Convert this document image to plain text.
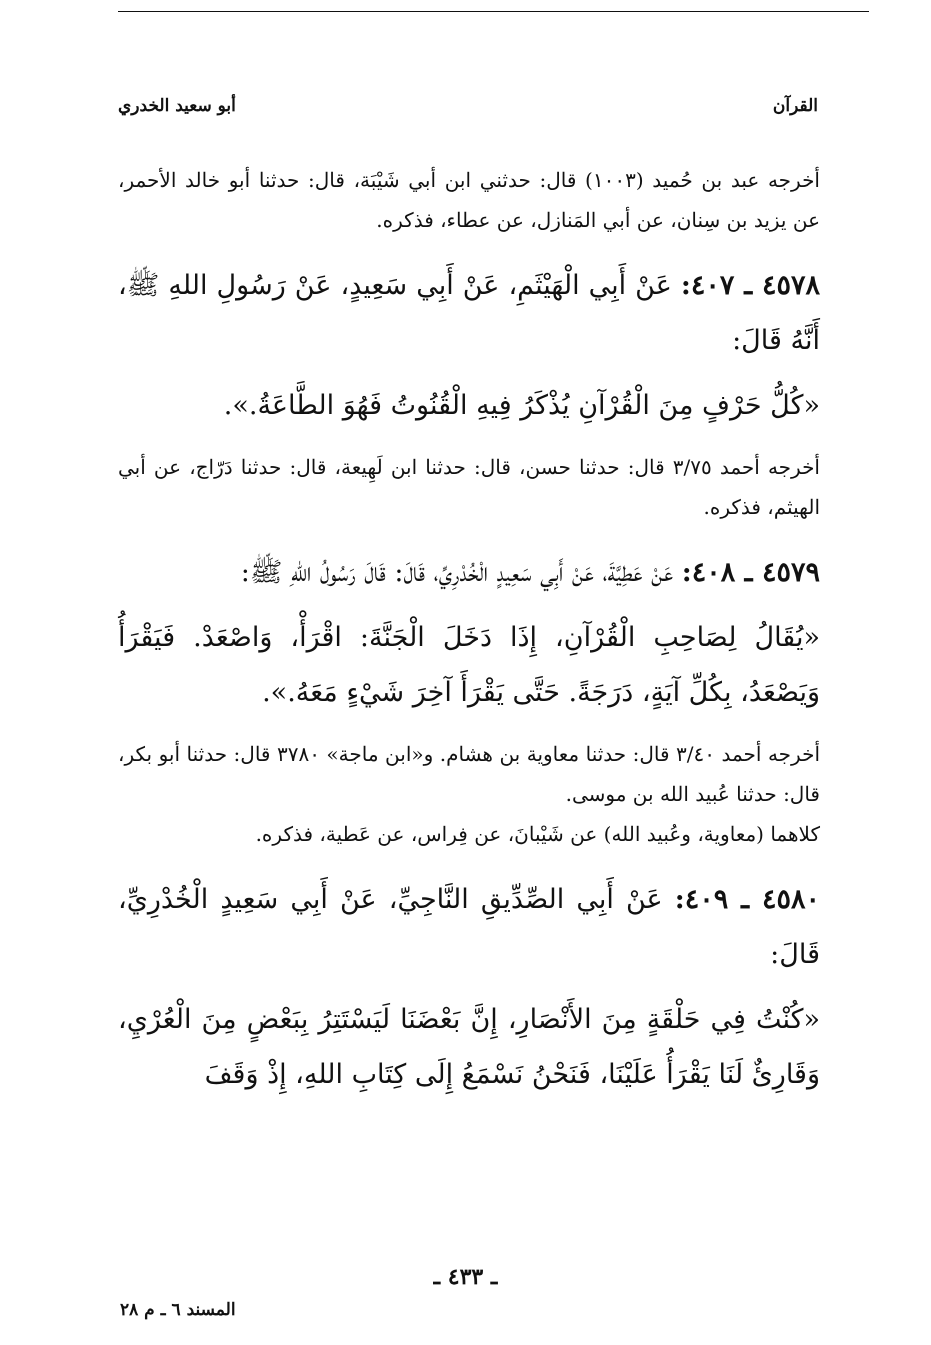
القرآن
أبو سعيد الخدري

أخرجه عبد بن حُميد (١٠٠٣) قال: حدثني ابن أبي شَيْبَة، قال: حدثنا أبو خالد الأحمر، عن يزيد بن سِنان، عن أبي المَنازل، عن عطاء، فذكره.

٤٥٧٨ ـ ٤٠٧: عَنْ أَبِي الْهَيْثَمِ، عَنْ أَبِي سَعِيدٍ، عَنْ رَسُولِ اللهِ ﷺ، أَنَّهُ قَالَ:

«كُلُّ حَرْفٍ مِنَ الْقُرْآنِ يُذْكَرُ فِيهِ الْقُنُوتُ فَهُوَ الطَّاعَةُ.».

أخرجه أحمد ٣/٧٥ قال: حدثنا حسن، قال: حدثنا ابن لَهِيعة، قال: حدثنا دَرّاج، عن أبي الهيثم، فذكره.

٤٥٧٩ ـ ٤٠٨: عَنْ عَطِيَّةَ، عَنْ أَبِي سَعِيدٍ الْخُدْرِيِّ، قَالَ: قَالَ رَسُولُ اللهِ ﷺ:

«يُقَالُ لِصَاحِبِ الْقُرْآنِ، إِذَا دَخَلَ الْجَنَّةَ: اقْرَأْ، وَاصْعَدْ. فَيَقْرَأُ وَيَصْعَدُ، بِكُلِّ آيَةٍ، دَرَجَةً. حَتَّى يَقْرَأَ آخِرَ شَيْءٍ مَعَهُ.».

أخرجه أحمد ٣/٤٠ قال: حدثنا معاوية بن هشام. و«ابن ماجة» ٣٧٨٠ قال: حدثنا أبو بكر، قال: حدثنا عُبيد الله بن موسى.

كلاهما (معاوية، وعُبيد الله) عن شَيْبانَ، عن فِراس، عن عَطية، فذكره.

٤٥٨٠ ـ ٤٠٩: عَنْ أَبِي الصِّدِّيقِ النَّاجِيِّ، عَنْ أَبِي سَعِيدٍ الْخُدْرِيِّ، قَالَ:

«كُنْتُ فِي حَلْقَةٍ مِنَ الأَنْصَارِ، إِنَّ بَعْضَنَا لَيَسْتَتِرُ بِبَعْضٍ مِنَ الْعُرْيِ، وَقَارِئٌ لَنَا يَقْرَأُ عَلَيْنَا، فَنَحْنُ نَسْمَعُ إِلَى كِتَابِ اللهِ، إِذْ وَقَفَ

ـ ٤٣٣ ـ
المسند ٦ ـ م ٢٨
